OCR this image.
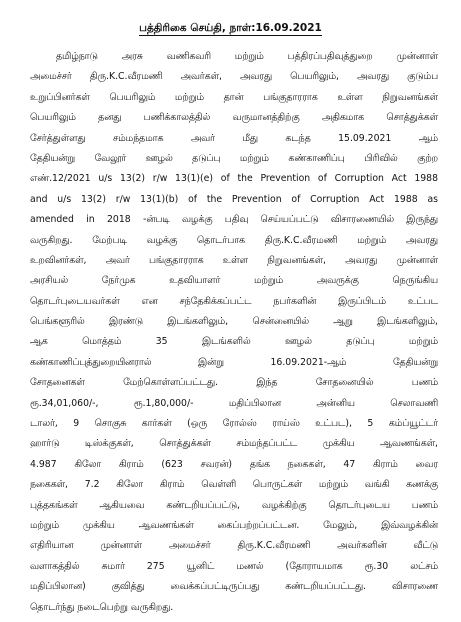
பத்திரிகை செய்தி, நாள்:16.09.2021
தமிழ்நாடு அரசு வணிகவரி மற்றும் பத்திரப்பதிவுத்துறை முன்னாள்
அமைச்சர் திரு.K.C.வீரமணி அவர்கள், அவரது பெயரிலும், அவரது குடும்ப
உறுப்பினர்கள் பெயரிலும் மற்றும் தான் பங்குதாரராக உள்ள நிறுவனங்கள்
பெயரிலும் தனது பணிக்காலத்தில் வருமானத்திற்கு அதிகமாக சொத்துக்கள்
சேர்த்துள்ளது சம்மந்தமாக அவர் மீது கடந்த 15.09.2021 ஆம்
தேதியன்று வேலூர் ஊழல் தடுப்பு மற்றும் கண்காணிப்பு பிரிவில் குற்ற
எண்.12/2021 u/s 13(2) r/w 13(1)(e) of the Prevention of Corruption Act 1988
and u/s 13(2) r/w 13(1)(b) of the Prevention of Corruption Act 1988 as
amended in 2018 -ன்படி வழக்கு பதிவு செய்யப்பட்டு விசாரணையில் இருந்து
வருகிறது. மேற்படி வழக்கு தொடர்பாக திரு.K.C.வீரமணி மற்றும் அவரது
உறவினர்கள், அவர் பங்குதாரராக உள்ள நிறுவனங்கள், அவரது முன்னாள்
அரசியல் நேர்முக உதவியாளர் மற்றும் அவருக்கு நெருங்கிய
தொடர்புடையவர்கள் என சந்தேகிக்கப்பட்ட நபர்களின் இருப்பிடம் உட்பட
பெங்களூரில் இரண்டு இடங்களிலும், சென்னையில் ஆறு இடங்களிலும்,
ஆக மொத்தம் 35 இடங்களில் ஊழல் தடுப்பு மற்றும்
கண்காணிப்புத்துறையினரால் இன்று 16.09.2021-ஆம் தேதியன்று
சோதனைகள் மேற்கொள்ளப்பட்டது. இந்த சோதனையில் பணம்
ரூ.34,01,060/-, ரூ.1,80,000/- மதிப்பிலான அன்னிய செலாவணி
டாலர், 9 சொகுசு கார்கள் (ஒரு ரோல்ஸ் ராய்ஸ் உட்பட), 5 கம்ப்யூட்டர்
ஹார்டு டிஸ்க்குகள், சொத்துக்கள் சம்மந்தப்பட்ட முக்கிய ஆவணங்கள்,
4.987 கிலோ கிராம் (623 சவரன்) தங்க நகைகள், 47 கிராம் வைர
நகைகள், 7.2 கிலோ கிராம் வெள்ளி பொருட்கள் மற்றும் வங்கி கணக்கு
புத்தகங்கள் ஆகியவை கண்டறியப்பட்டு, வழக்கிற்கு தொடர்புடைய பணம்
மற்றும் முக்கிய ஆவணங்கள் கைப்பற்றப்பட்டன. மேலும், இவ்வழக்கின்
எதிரியான முன்னாள் அமைச்சர் திரு.K.C.வீரமணி அவர்களின் வீட்டு
வளாகத்தில் சுமார் 275 யூனிட் மணல் (தோராயமாக ரூ.30 லட்சம்
மதிப்பிலான) குவித்து வைக்கப்பட்டிருப்பது கண்டறியப்பட்டது. விசாரணை
தொடர்ந்து நடைபெற்று வருகிறது.
